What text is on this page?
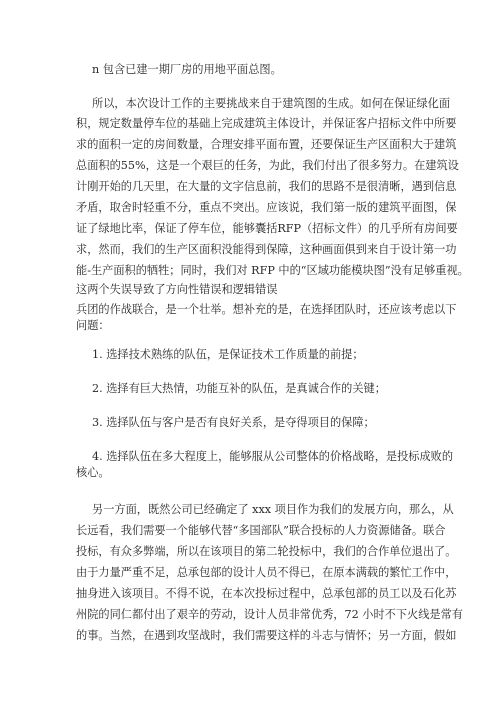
n 包含已建一期厂房的用地平面总图。
所以，本次设计工作的主要挑战来自于建筑图的生成。如何在保证绿化面
积，规定数量停车位的基础上完成建筑主体设计，并保证客户招标文件中所要
求的面积一定的房间数量，合理安排平面布置，还要保证生产区面积大于建筑
总面积的55%，这是一个艰巨的任务，为此，我们付出了很多努力。在建筑设
计刚开始的几天里，在大量的文字信息前，我们的思路不是很清晰，遇到信息
矛盾，取舍时轻重不分，重点不突出。应该说，我们第一版的建筑平面图，保
证了绿地比率，保证了停车位，能够囊括RFP（招标文件）的几乎所有房间要
求，然而，我们的生产区面积没能得到保障，这种画面俱到来自于设计第一功
能-生产面积的牺牲；同时，我们对 RFP 中的“区域功能模块图”没有足够重视。
这两个失误导致了方向性错误和逻辑错误
兵团的作战联合，是一个壮举。想补充的是，在选择团队时，还应该考虑以下
问题：
1. 选择技术熟练的队伍，是保证技术工作质量的前提；
2. 选择有巨大热情，功能互补的队伍，是真诚合作的关键；
3. 选择队伍与客户是否有良好关系，是夺得项目的保障；
4. 选择队伍在多大程度上，能够服从公司整体的价格战略，是投标成败的
核心。
另一方面，既然公司已经确定了 xxx 项目作为我们的发展方向，那么，从
长远看，我们需要一个能够代替“多国部队”联合投标的人力资源储备。联合
投标，有众多弊端，所以在该项目的第二轮投标中，我们的合作单位退出了。
由于力量严重不足，总承包部的设计人员不得已，在原本满载的繁忙工作中，
抽身进入该项目。不得不说，在本次投标过程中，总承包部的员工以及石化苏
州院的同仁都付出了艰辛的劳动，设计人员非常优秀，72 小时不下火线是常有
的事。当然，在遇到攻坚战时，我们需要这样的斗志与情怀；另一方面，假如
